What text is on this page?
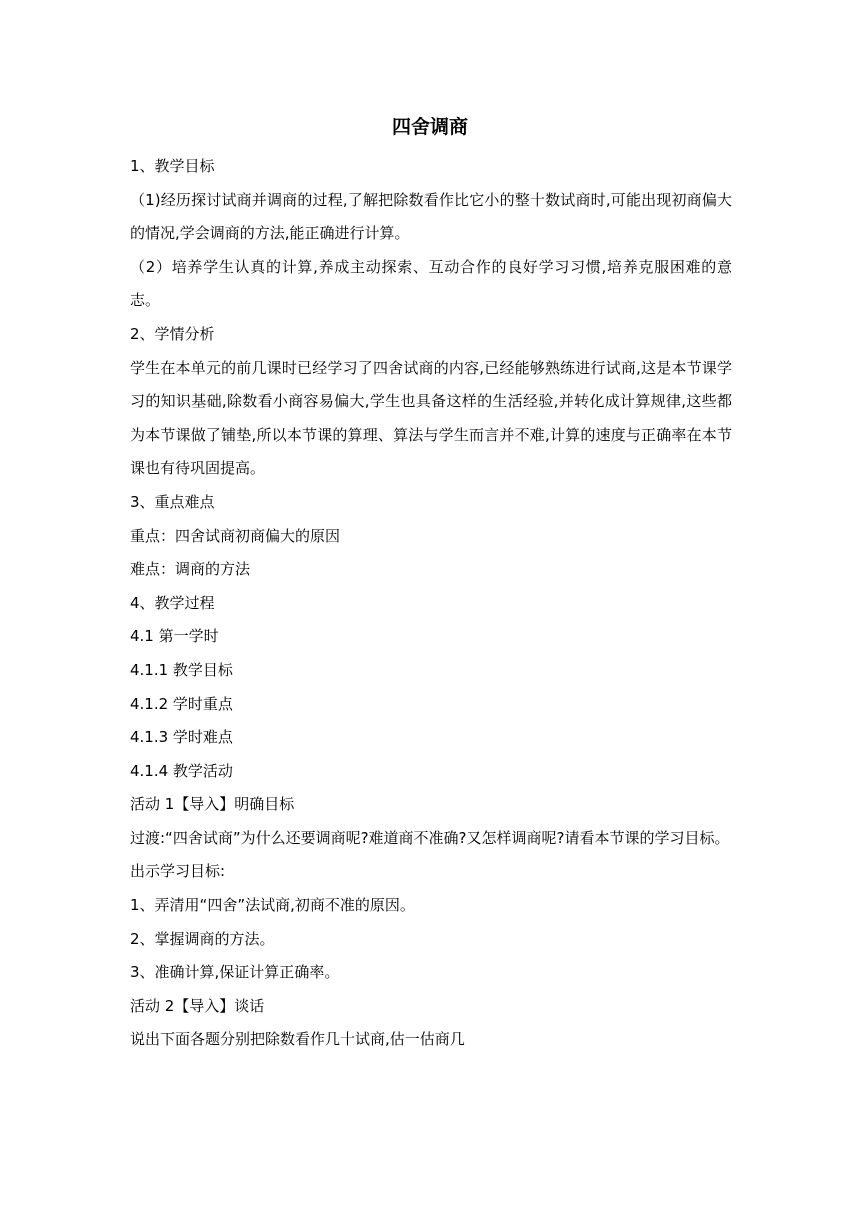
四舍调商

1、教学目标

（1)经历探讨试商并调商的过程,了解把除数看作比它小的整十数试商时,可能出现初商偏大的情况,学会调商的方法,能正确进行计算。

（2）培养学生认真的计算,养成主动探索、互动合作的良好学习习惯,培养克服困难的意志。

2、学情分析

学生在本单元的前几课时已经学习了四舍试商的内容,已经能够熟练进行试商,这是本节课学习的知识基础,除数看小商容易偏大,学生也具备这样的生活经验,并转化成计算规律,这些都为本节课做了铺垫,所以本节课的算理、算法与学生而言并不难,计算的速度与正确率在本节课也有待巩固提高。

3、重点难点

重点：四舍试商初商偏大的原因

难点：调商的方法

4、教学过程

4.1 第一学时

4.1.1 教学目标

4.1.2 学时重点

4.1.3 学时难点

4.1.4 教学活动

活动 1【导入】明确目标

过渡:“四舍试商”为什么还要调商呢?难道商不准确?又怎样调商呢?请看本节课的学习目标。

出示学习目标:

1、弄清用“四舍”法试商,初商不准的原因。

2、掌握调商的方法。

3、准确计算,保证计算正确率。

活动 2【导入】谈话

说出下面各题分别把除数看作几十试商,估一估商几
